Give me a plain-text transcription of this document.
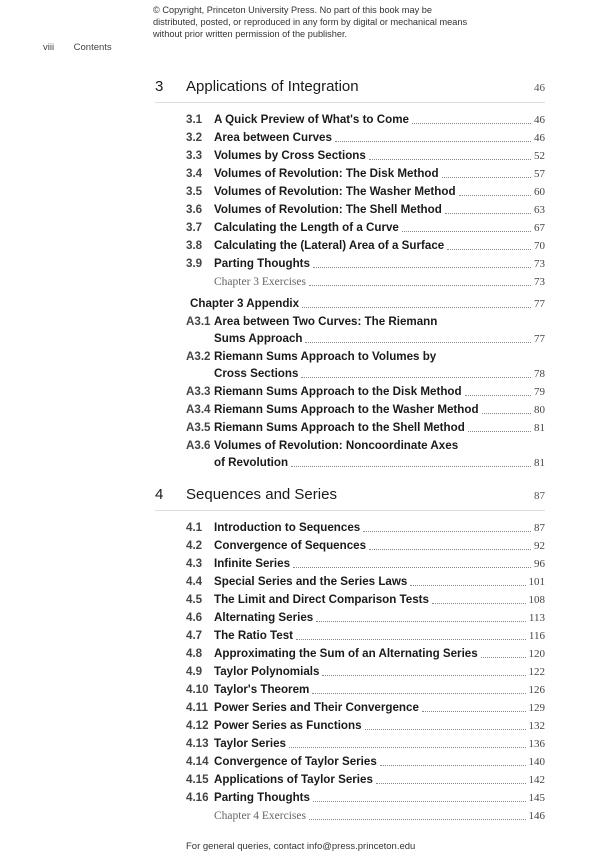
© Copyright, Princeton University Press. No part of this book may be distributed, posted, or reproduced in any form by digital or mechanical means without prior written permission of the publisher.
viii Contents
3	Applications of Integration	46
3.1	A Quick Preview of What's to Come	46
3.2	Area between Curves	46
3.3	Volumes by Cross Sections	52
3.4	Volumes of Revolution: The Disk Method	57
3.5	Volumes of Revolution: The Washer Method	60
3.6	Volumes of Revolution: The Shell Method	63
3.7	Calculating the Length of a Curve	67
3.8	Calculating the (Lateral) Area of a Surface	70
3.9	Parting Thoughts	73
Chapter 3 Exercises	73
Chapter 3 Appendix	77
A3.1 Area between Two Curves: The Riemann
Sums Approach	77
A3.2 Riemann Sums Approach to Volumes by
Cross Sections	78
A3.3 Riemann Sums Approach to the Disk Method	79
A3.4 Riemann Sums Approach to the Washer Method	80
A3.5 Riemann Sums Approach to the Shell Method	81
A3.6 Volumes of Revolution: Noncoordinate Axes
of Revolution	81
4	Sequences and Series	87
4.1	Introduction to Sequences	87
4.2	Convergence of Sequences	92
4.3	Infinite Series	96
4.4	Special Series and the Series Laws	101
4.5	The Limit and Direct Comparison Tests	108
4.6	Alternating Series	113
4.7	The Ratio Test	116
4.8	Approximating the Sum of an Alternating Series	120
4.9	Taylor Polynomials	122
4.10 Taylor's Theorem	126
4.11 Power Series and Their Convergence	129
4.12 Power Series as Functions	132
4.13 Taylor Series	136
4.14 Convergence of Taylor Series	140
4.15 Applications of Taylor Series	142
4.16 Parting Thoughts	145
Chapter 4 Exercises	146
For general queries, contact info@press.princeton.edu
